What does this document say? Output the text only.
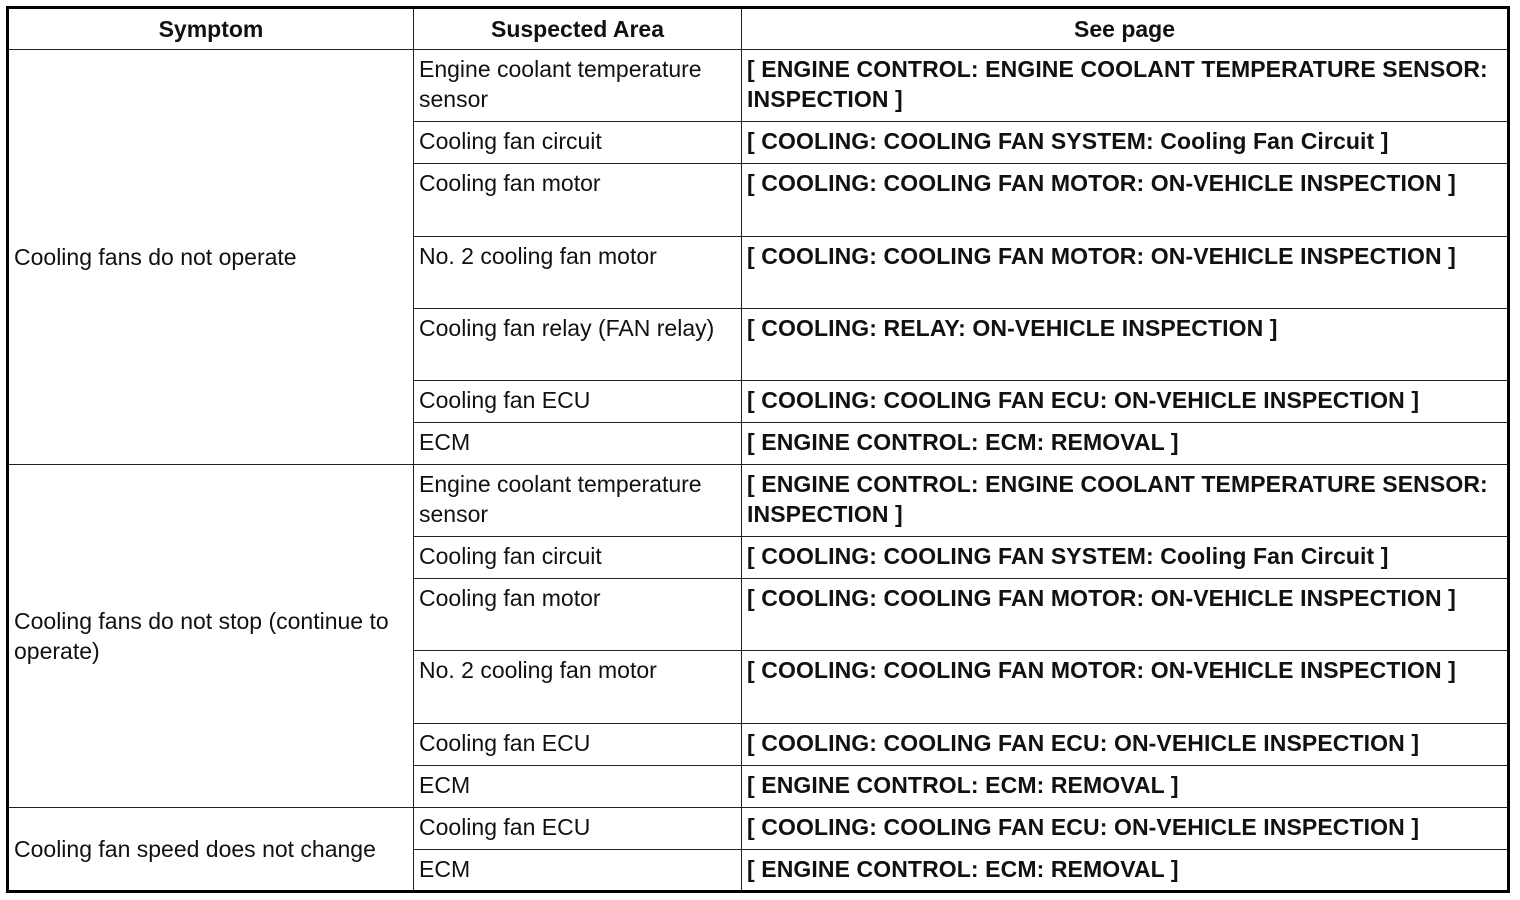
Symptom	Suspected Area	See page
Cooling fans do not operate	Engine coolant temperature sensor	[ ENGINE CONTROL: ENGINE COOLANT TEMPERATURE SENSOR: INSPECTION ]
	Cooling fan circuit	[ COOLING: COOLING FAN SYSTEM: Cooling Fan Circuit ]
	Cooling fan motor	[ COOLING: COOLING FAN MOTOR: ON-VEHICLE INSPECTION ]
	No. 2 cooling fan motor	[ COOLING: COOLING FAN MOTOR: ON-VEHICLE INSPECTION ]
	Cooling fan relay (FAN relay)	[ COOLING: RELAY: ON-VEHICLE INSPECTION ]
	Cooling fan ECU	[ COOLING: COOLING FAN ECU: ON-VEHICLE INSPECTION ]
	ECM	[ ENGINE CONTROL: ECM: REMOVAL ]
Cooling fans do not stop (continue to operate)	Engine coolant temperature sensor	[ ENGINE CONTROL: ENGINE COOLANT TEMPERATURE SENSOR: INSPECTION ]
	Cooling fan circuit	[ COOLING: COOLING FAN SYSTEM: Cooling Fan Circuit ]
	Cooling fan motor	[ COOLING: COOLING FAN MOTOR: ON-VEHICLE INSPECTION ]
	No. 2 cooling fan motor	[ COOLING: COOLING FAN MOTOR: ON-VEHICLE INSPECTION ]
	Cooling fan ECU	[ COOLING: COOLING FAN ECU: ON-VEHICLE INSPECTION ]
	ECM	[ ENGINE CONTROL: ECM: REMOVAL ]
Cooling fan speed does not change	Cooling fan ECU	[ COOLING: COOLING FAN ECU: ON-VEHICLE INSPECTION ]
	ECM	[ ENGINE CONTROL: ECM: REMOVAL ]
